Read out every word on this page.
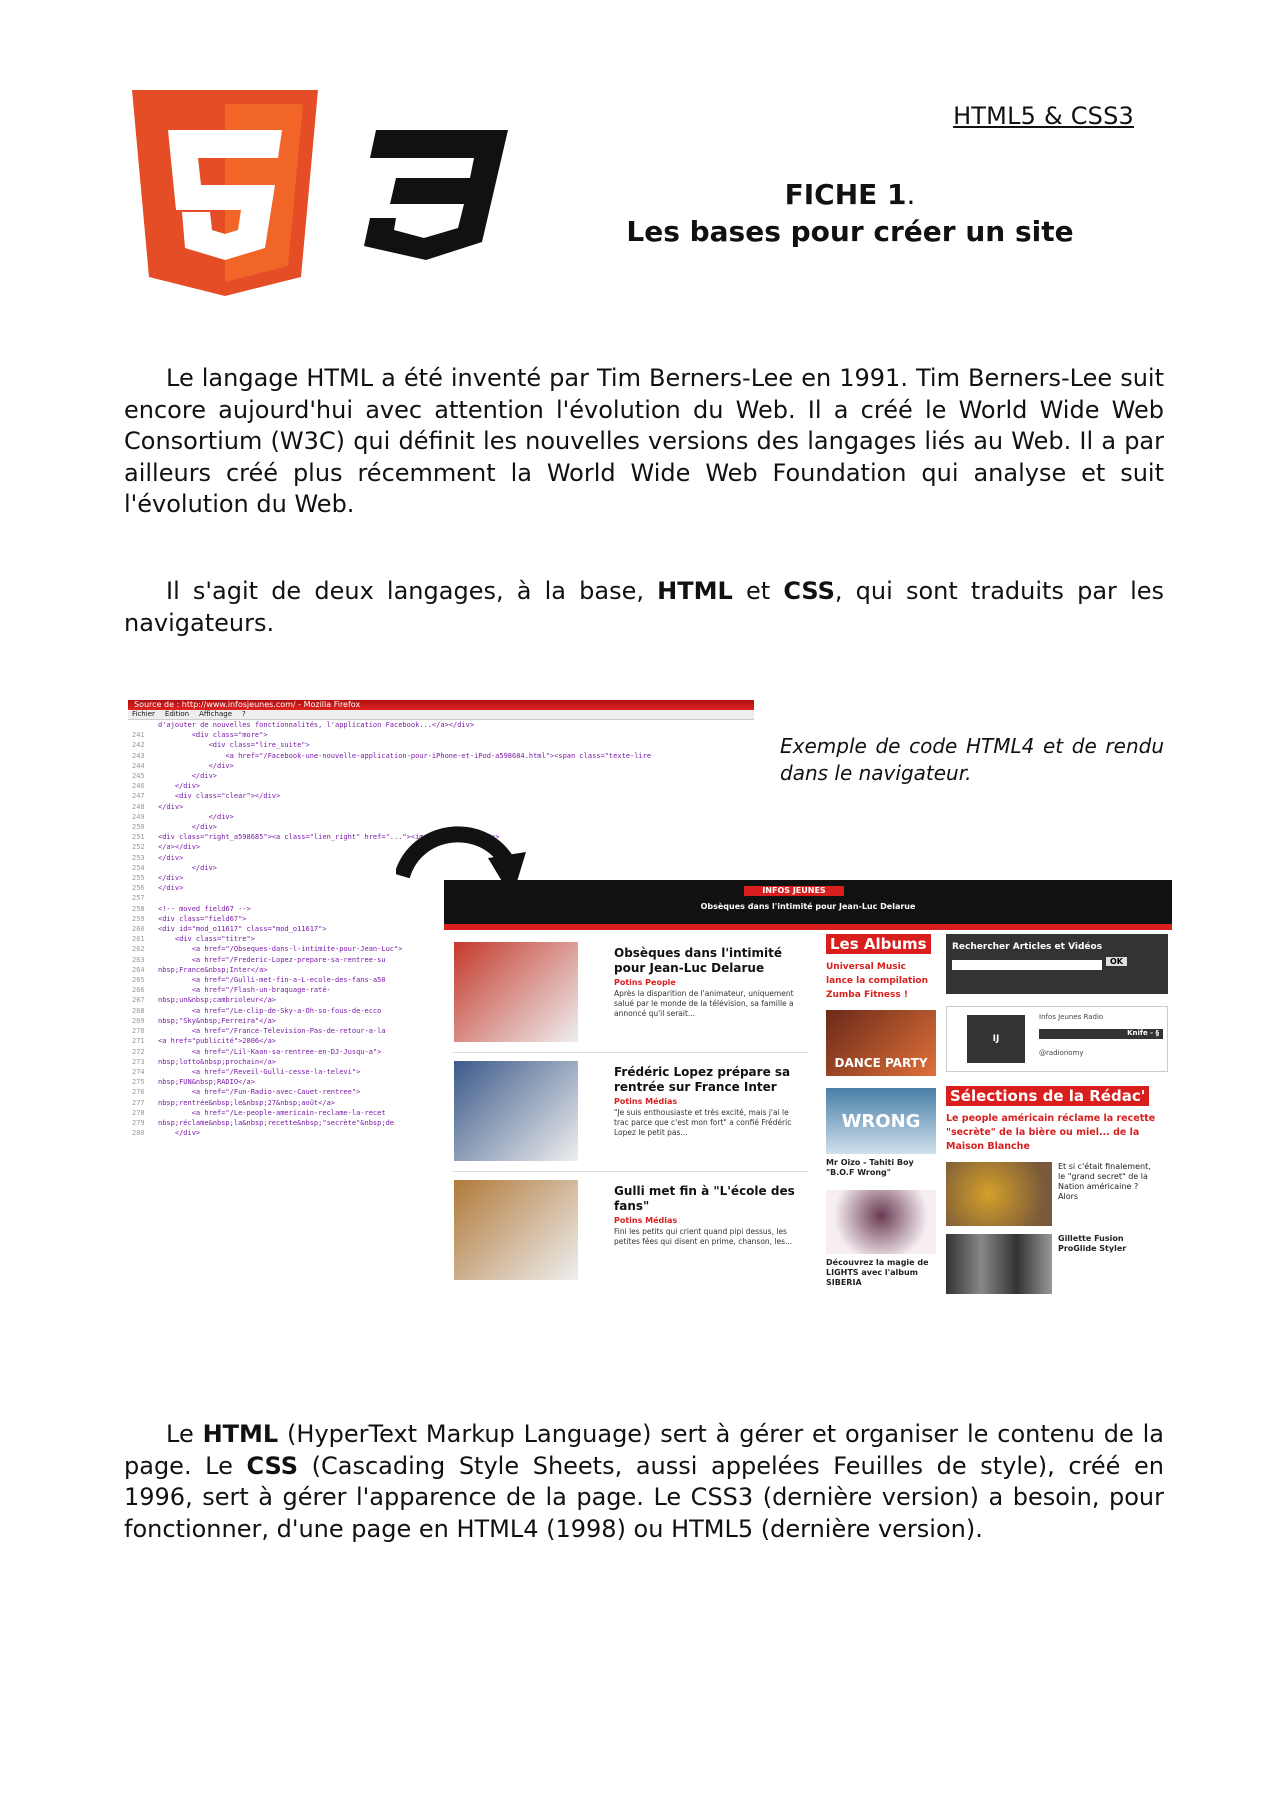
HTML5 & CSS3
FICHE 1.
Les bases pour créer un site

Le langage HTML a été inventé par Tim Berners-Lee en 1991. Tim Berners-Lee suit encore aujourd'hui avec attention l'évolution du Web. Il a créé le World Wide Web Consortium (W3C) qui définit les nouvelles versions des langages liés au Web. Il a par ailleurs créé plus récemment la World Wide Web Foundation qui analyse et suit l'évolution du Web.

Il s'agit de deux langages, à la base, HTML et CSS, qui sont traduits par les navigateurs.

Exemple de code HTML4 et de rendu dans le navigateur.
Source de : http://www.infosjeunes.com/ - Mozilla Firefox
Fichier Édition Affichage ?
d'ajouter de nouvelles fonctionnalités, l'application Facebook...</a></div>
241        <div class="more">
242            <div class="lire_suite">
243                <a href="/Facebook-une-nouvelle-application-pour-iPhone-et-iPod-a598684.html"><span class="texte-lire
244            </div>
245        </div>
246    </div>
247    <div class="clear"></div>
248 </div>
249            </div>
250        </div>
251 <div class="right_a598685"><a class="lien_right" href="..."><img src="..." /></a>
252 </a></div>
253 </div>
254        </div>
255 </div>
256 </div>
257
258 <!-- moved field67 -->
259 <div class="field67">
260 <div id="mod_o11617" class="mod_o11617">
261    <div class="titre">
262        <a href="/Obseques-dans-l-intimite-pour-Jean-Luc">
263        <a href="/Frederic-Lopez-prepare-sa-rentree-su
264 nbsp;France&nbsp;Inter</a>
265        <a href="/Gulli-met-fin-a-L-ecole-des-fans-a50
266        <a href="/Flash-un-braquage-raté-
267 nbsp;un&nbsp;cambrioleur</a>
268        <a href="/Le-clip-de-Sky-a-Oh-so-fous-de-ecco
269 nbsp;"Sky&nbsp;Ferreira"</a>
270        <a href="/France-Television-Pas-de-retour-a-la
271 <a href="publicité">2006</a>
272        <a href="/Lil-Kaan-sa-rentree-en-DJ-Jusqu-a">
273 nbsp;lotto&nbsp;prochain</a>
274        <a href="/Reveil-Gulli-cesse-la-televi">
275 nbsp;FUN&nbsp;RADIO</a>
276        <a href="/Fun-Radio-avec-Cauet-rentree">
277 nbsp;rentrée&nbsp;le&nbsp;27&nbsp;août</a>
278        <a href="/Le-people-americain-reclame-la-recet
279 nbsp;réclame&nbsp;la&nbsp;recette&nbsp;"secrète"&nbsp;de
280    </div>
INFOS JEUNES
Obsèques dans l'intimité pour Jean-Luc Delarue
Obsèques dans l'intimité pour Jean-Luc Delarue
Potins People
Après la disparition de l'animateur, uniquement salué par le monde de la télévision, sa famille a annoncé qu'il serait...
Frédéric Lopez prépare sa rentrée sur France Inter
Potins Médias
"Je suis enthousiaste et très excité, mais j'ai le trac parce que c'est mon fort" a confié Frédéric Lopez le petit pas...
Gulli met fin à "L'école des fans"
Potins Médias
Fini les petits qui crient quand pipi dessus, les petites fées qui disent en prime, chanson, les...
Les Albums
Universal Music lance la compilation Zumba Fitness !
DANCE PARTY
WRONG
Mr Oizo - Tahiti Boy "B.O.F Wrong"
Découvrez la magie de LIGHTS avec l'album SIBERIA
Rechercher Articles et Vidéos
OK
IJ
Infos Jeunes Radio
Knife - §
@radionomy
Sélections de la Rédac'
Le people américain réclame la recette "secrète" de la bière ou miel... de la Maison Blanche
Et si c'était finalement, le "grand secret" de la Nation américaine ? Alors
Gillette Fusion ProGlide Styler

Le HTML (HyperText Markup Language) sert à gérer et organiser le contenu de la page. Le CSS (Cascading Style Sheets, aussi appelées Feuilles de style), créé en 1996, sert à gérer l'apparence de la page. Le CSS3 (dernière version) a besoin, pour fonctionner, d'une page en HTML4 (1998) ou HTML5 (dernière version).
